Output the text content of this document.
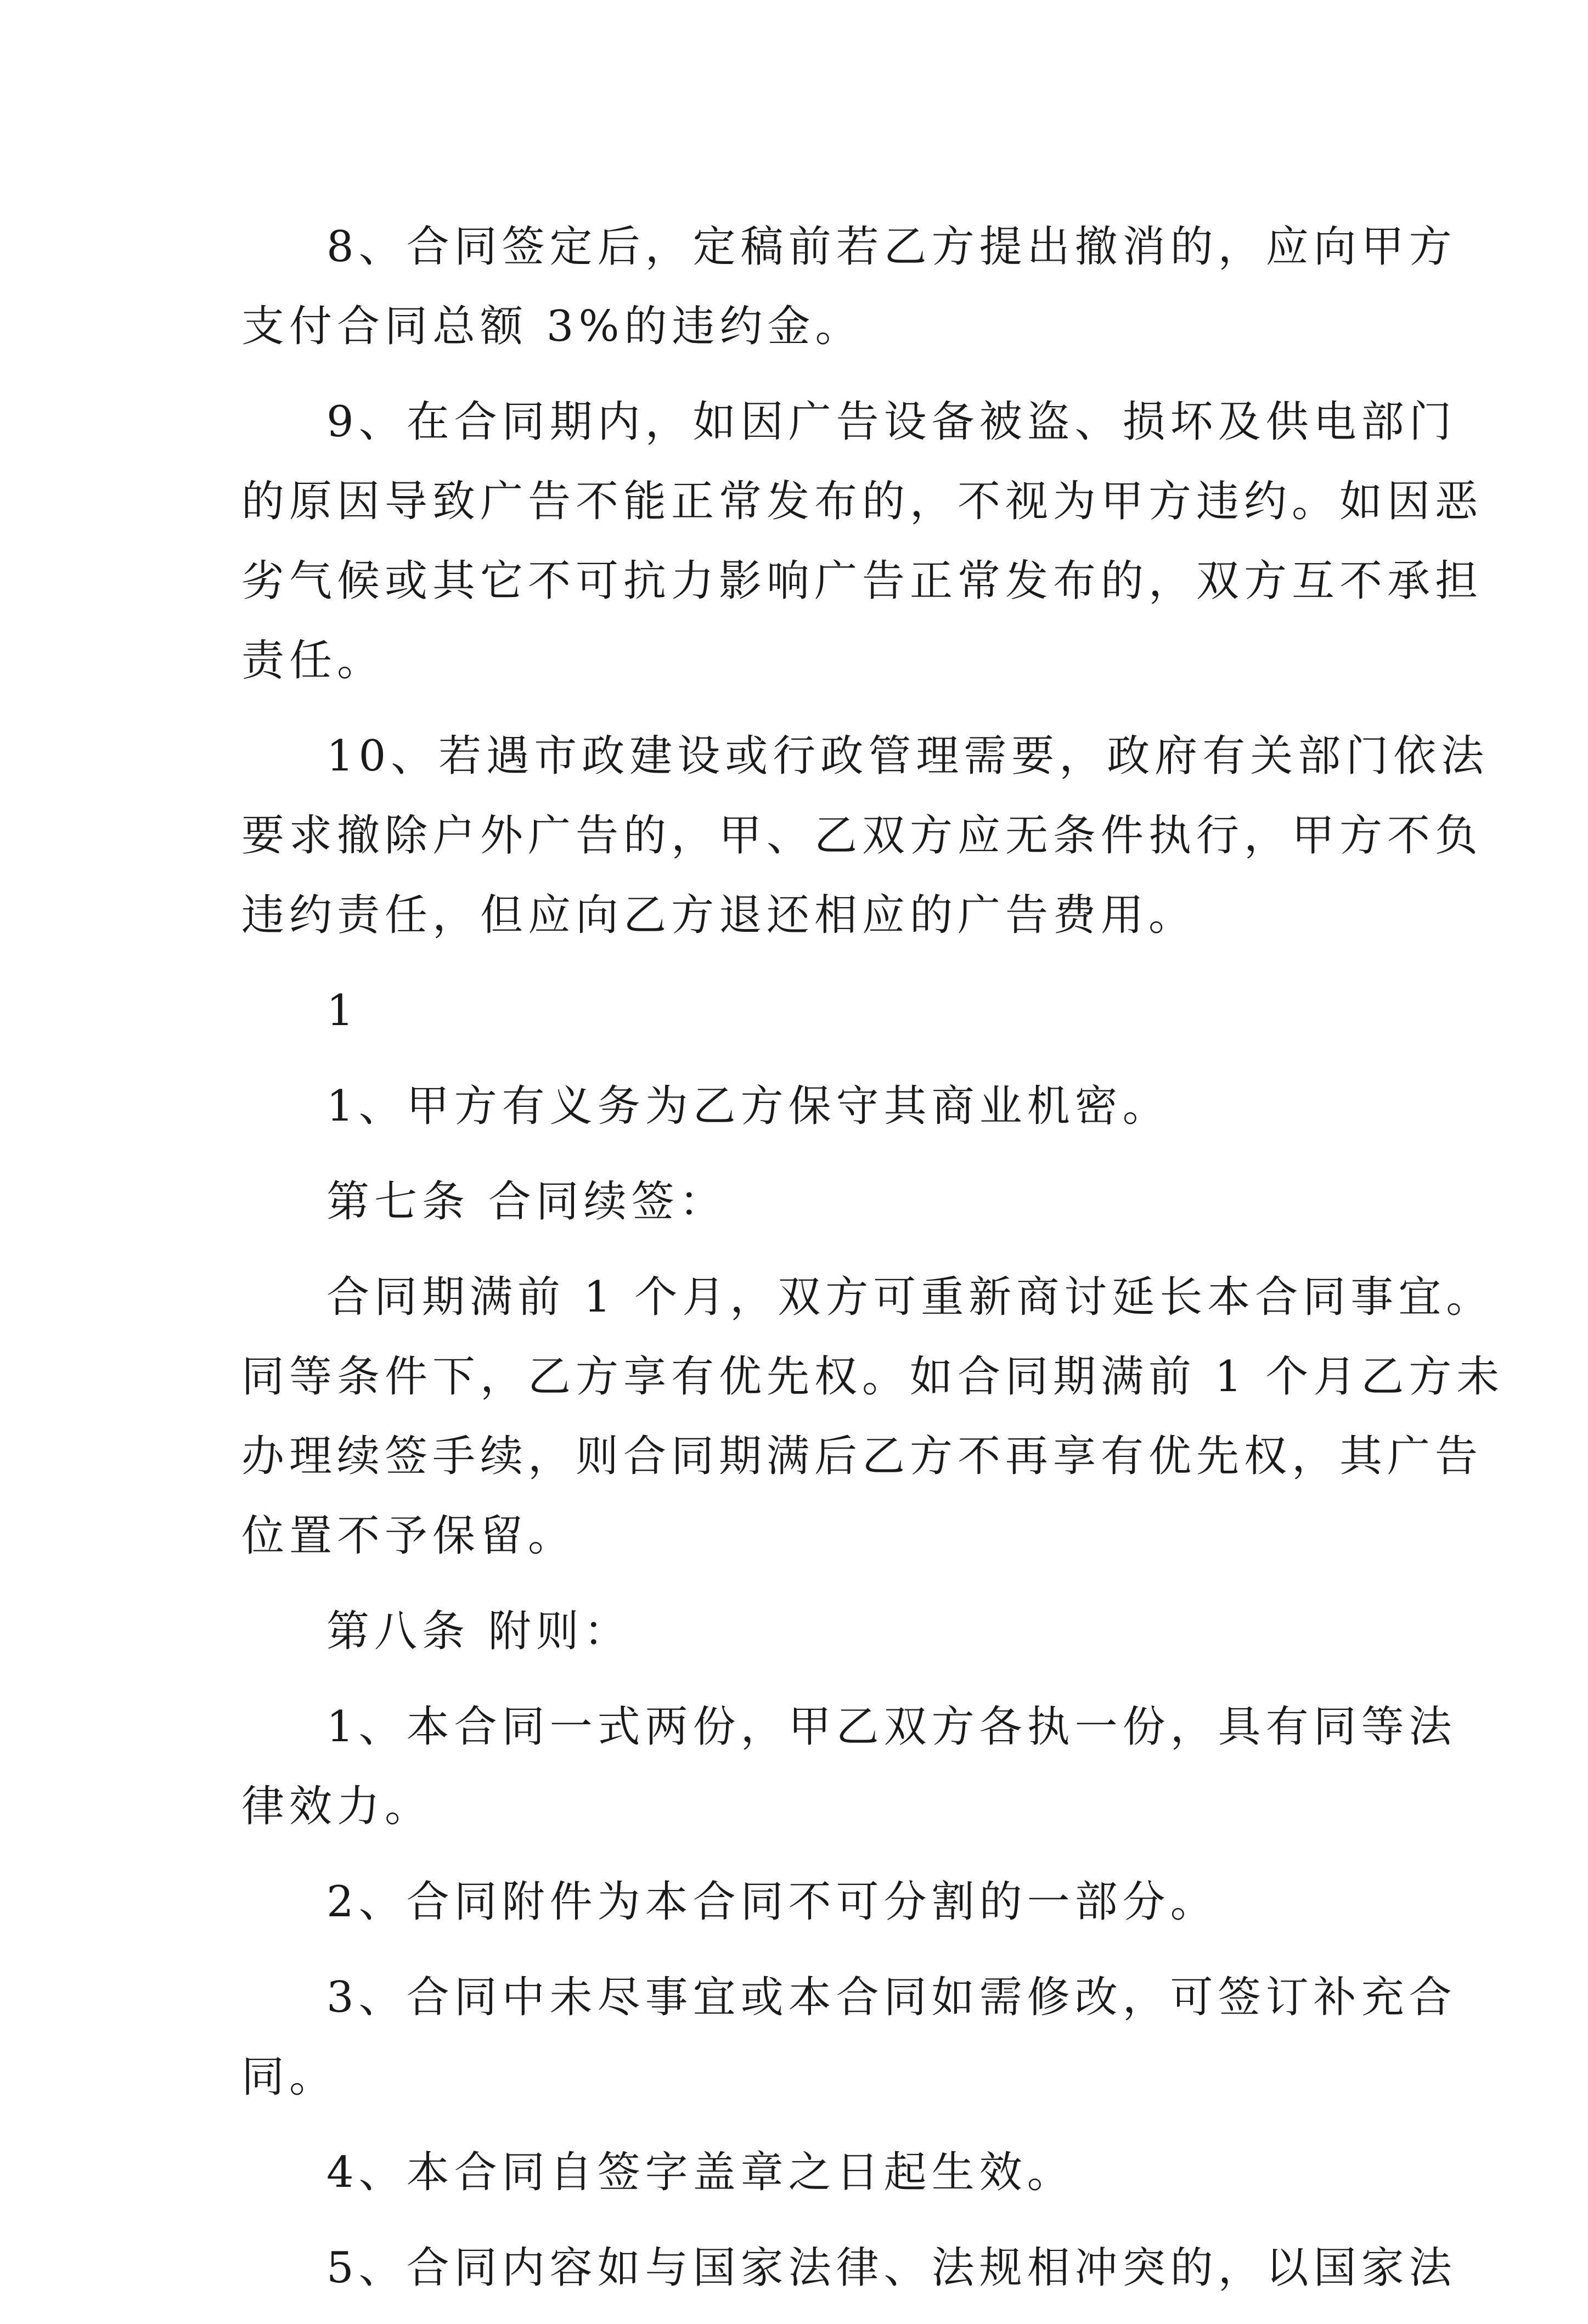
8、合同签定后，定稿前若乙方提出撤消的，应向甲方
支付合同总额 3%的违约金。
9、在合同期内，如因广告设备被盗、损坏及供电部门
的原因导致广告不能正常发布的，不视为甲方违约。如因恶
劣气候或其它不可抗力影响广告正常发布的，双方互不承担
责任。
10、若遇市政建设或行政管理需要，政府有关部门依法
要求撤除户外广告的，甲、乙双方应无条件执行，甲方不负
违约责任，但应向乙方退还相应的广告费用。
1
1、甲方有义务为乙方保守其商业机密。
第七条 合同续签：
合同期满前 1 个月，双方可重新商讨延长本合同事宜。
同等条件下，乙方享有优先权。如合同期满前 1 个月乙方未
办理续签手续，则合同期满后乙方不再享有优先权，其广告
位置不予保留。
第八条 附则：
1、本合同一式两份，甲乙双方各执一份，具有同等法
律效力。
2、合同附件为本合同不可分割的一部分。
3、合同中未尽事宜或本合同如需修改，可签订补充合
同。
4、本合同自签字盖章之日起生效。
5、合同内容如与国家法律、法规相冲突的，以国家法
